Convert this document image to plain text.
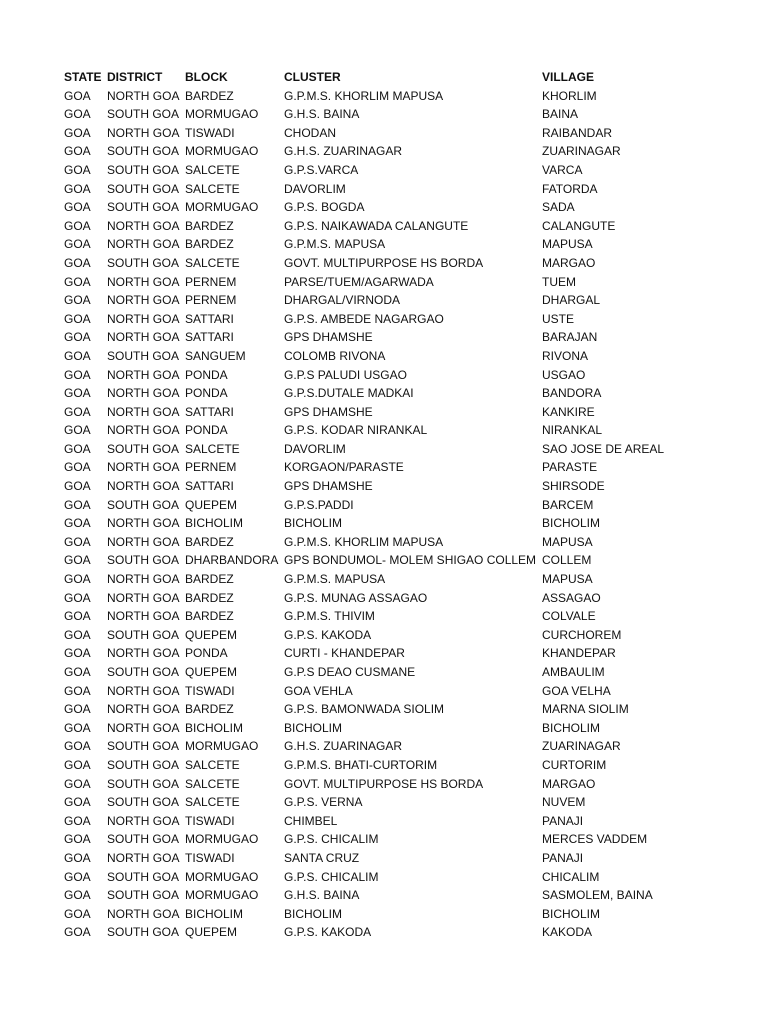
STATE	DISTRICT	BLOCK	CLUSTER	VILLAGE
GOA	NORTH GOA	BARDEZ	G.P.M.S. KHORLIM MAPUSA	KHORLIM
GOA	SOUTH GOA	MORMUGAO	G.H.S. BAINA	BAINA
GOA	NORTH GOA	TISWADI	CHODAN	RAIBANDAR
GOA	SOUTH GOA	MORMUGAO	G.H.S. ZUARINAGAR	ZUARINAGAR
GOA	SOUTH GOA	SALCETE	G.P.S.VARCA	VARCA
GOA	SOUTH GOA	SALCETE	DAVORLIM	FATORDA
GOA	SOUTH GOA	MORMUGAO	G.P.S. BOGDA	SADA
GOA	NORTH GOA	BARDEZ	G.P.S. NAIKAWADA CALANGUTE	CALANGUTE
GOA	NORTH GOA	BARDEZ	G.P.M.S. MAPUSA	MAPUSA
GOA	SOUTH GOA	SALCETE	GOVT. MULTIPURPOSE HS BORDA	MARGAO
GOA	NORTH GOA	PERNEM	PARSE/TUEM/AGARWADA	TUEM
GOA	NORTH GOA	PERNEM	DHARGAL/VIRNODA	DHARGAL
GOA	NORTH GOA	SATTARI	G.P.S. AMBEDE NAGARGAO	USTE
GOA	NORTH GOA	SATTARI	GPS DHAMSHE	BARAJAN
GOA	SOUTH GOA	SANGUEM	COLOMB RIVONA	RIVONA
GOA	NORTH GOA	PONDA	G.P.S PALUDI USGAO	USGAO
GOA	NORTH GOA	PONDA	G.P.S.DUTALE MADKAI	BANDORA
GOA	NORTH GOA	SATTARI	GPS DHAMSHE	KANKIRE
GOA	NORTH GOA	PONDA	G.P.S. KODAR NIRANKAL	NIRANKAL
GOA	SOUTH GOA	SALCETE	DAVORLIM	SAO JOSE DE AREAL
GOA	NORTH GOA	PERNEM	KORGAON/PARASTE	PARASTE
GOA	NORTH GOA	SATTARI	GPS DHAMSHE	SHIRSODE
GOA	SOUTH GOA	QUEPEM	G.P.S.PADDI	BARCEM
GOA	NORTH GOA	BICHOLIM	BICHOLIM	BICHOLIM
GOA	NORTH GOA	BARDEZ	G.P.M.S. KHORLIM MAPUSA	MAPUSA
GOA	SOUTH GOA	DHARBANDORA	GPS BONDUMOL- MOLEM SHIGAO COLLEM	COLLEM
GOA	NORTH GOA	BARDEZ	G.P.M.S. MAPUSA	MAPUSA
GOA	NORTH GOA	BARDEZ	G.P.S. MUNAG ASSAGAO	ASSAGAO
GOA	NORTH GOA	BARDEZ	G.P.M.S. THIVIM	COLVALE
GOA	SOUTH GOA	QUEPEM	G.P.S. KAKODA	CURCHOREM
GOA	NORTH GOA	PONDA	CURTI - KHANDEPAR	KHANDEPAR
GOA	SOUTH GOA	QUEPEM	G.P.S DEAO CUSMANE	AMBAULIM
GOA	NORTH GOA	TISWADI	GOA VEHLA	GOA VELHA
GOA	NORTH GOA	BARDEZ	G.P.S. BAMONWADA SIOLIM	MARNA SIOLIM
GOA	NORTH GOA	BICHOLIM	BICHOLIM	BICHOLIM
GOA	SOUTH GOA	MORMUGAO	G.H.S. ZUARINAGAR	ZUARINAGAR
GOA	SOUTH GOA	SALCETE	G.P.M.S. BHATI-CURTORIM	CURTORIM
GOA	SOUTH GOA	SALCETE	GOVT. MULTIPURPOSE HS BORDA	MARGAO
GOA	SOUTH GOA	SALCETE	G.P.S. VERNA	NUVEM
GOA	NORTH GOA	TISWADI	CHIMBEL	PANAJI
GOA	SOUTH GOA	MORMUGAO	G.P.S. CHICALIM	MERCES VADDEM
GOA	NORTH GOA	TISWADI	SANTA CRUZ	PANAJI
GOA	SOUTH GOA	MORMUGAO	G.P.S. CHICALIM	CHICALIM
GOA	SOUTH GOA	MORMUGAO	G.H.S. BAINA	SASMOLEM, BAINA
GOA	NORTH GOA	BICHOLIM	BICHOLIM	BICHOLIM
GOA	SOUTH GOA	QUEPEM	G.P.S. KAKODA	KAKODA
